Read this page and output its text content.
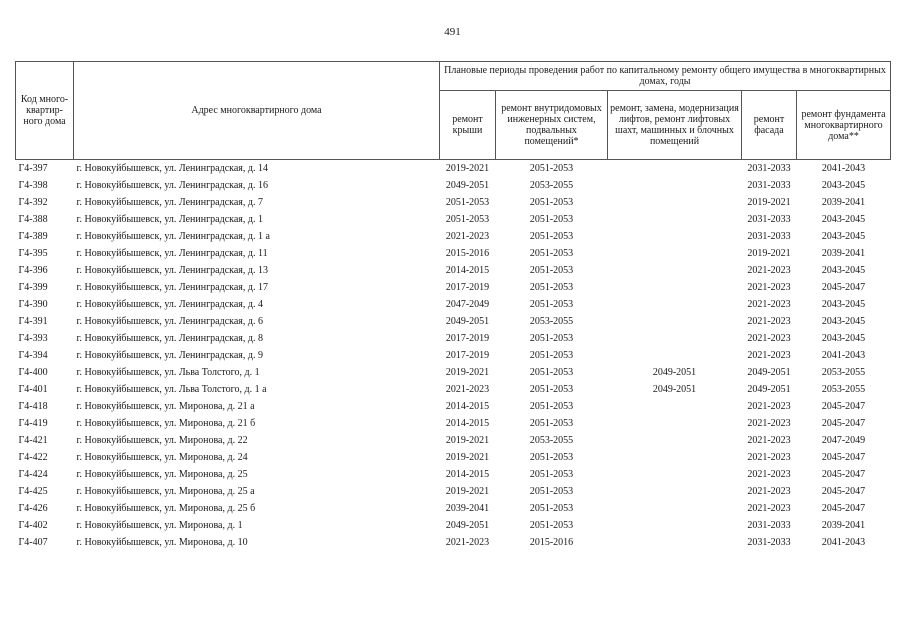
491
Код много-квартир-ного дома	Адрес многоквартирного дома	Плановые периоды проведения работ по капитальному ремонту общего имущества в многоквартирных домах, годы				
		ремонт крыши	ремонт внутридомовых инженерных систем, подвальных помещений*	ремонт, замена, модернизация лифтов, ремонт лифтовых шахт, машинных и блочных помещений	ремонт фасада	ремонт фундамента многоквартирного дома**
Г4-397	г. Новокуйбышевск, ул. Ленинградская, д. 14	2019-2021	2051-2053		2031-2033	2041-2043
Г4-398	г. Новокуйбышевск, ул. Ленинградская, д. 16	2049-2051	2053-2055		2031-2033	2043-2045
Г4-392	г. Новокуйбышевск, ул. Ленинградская, д. 7	2051-2053	2051-2053		2019-2021	2039-2041
Г4-388	г. Новокуйбышевск, ул. Ленинградская, д. 1	2051-2053	2051-2053		2031-2033	2043-2045
Г4-389	г. Новокуйбышевск, ул. Ленинградская, д. 1 а	2021-2023	2051-2053		2031-2033	2043-2045
Г4-395	г. Новокуйбышевск, ул. Ленинградская, д. 11	2015-2016	2051-2053		2019-2021	2039-2041
Г4-396	г. Новокуйбышевск, ул. Ленинградская, д. 13	2014-2015	2051-2053		2021-2023	2043-2045
Г4-399	г. Новокуйбышевск, ул. Ленинградская, д. 17	2017-2019	2051-2053		2021-2023	2045-2047
Г4-390	г. Новокуйбышевск, ул. Ленинградская, д. 4	2047-2049	2051-2053		2021-2023	2043-2045
Г4-391	г. Новокуйбышевск, ул. Ленинградская, д. 6	2049-2051	2053-2055		2021-2023	2043-2045
Г4-393	г. Новокуйбышевск, ул. Ленинградская, д. 8	2017-2019	2051-2053		2021-2023	2043-2045
Г4-394	г. Новокуйбышевск, ул. Ленинградская, д. 9	2017-2019	2051-2053		2021-2023	2041-2043
Г4-400	г. Новокуйбышевск, ул. Льва Толстого, д. 1	2019-2021	2051-2053	2049-2051	2049-2051	2053-2055
Г4-401	г. Новокуйбышевск, ул. Льва Толстого, д. 1 а	2021-2023	2051-2053	2049-2051	2049-2051	2053-2055
Г4-418	г. Новокуйбышевск, ул. Миронова, д. 21 а	2014-2015	2051-2053		2021-2023	2045-2047
Г4-419	г. Новокуйбышевск, ул. Миронова, д. 21 б	2014-2015	2051-2053		2021-2023	2045-2047
Г4-421	г. Новокуйбышевск, ул. Миронова, д. 22	2019-2021	2053-2055		2021-2023	2047-2049
Г4-422	г. Новокуйбышевск, ул. Миронова, д. 24	2019-2021	2051-2053		2021-2023	2045-2047
Г4-424	г. Новокуйбышевск, ул. Миронова, д. 25	2014-2015	2051-2053		2021-2023	2045-2047
Г4-425	г. Новокуйбышевск, ул. Миронова, д. 25 а	2019-2021	2051-2053		2021-2023	2045-2047
Г4-426	г. Новокуйбышевск, ул. Миронова, д. 25 б	2039-2041	2051-2053		2021-2023	2045-2047
Г4-402	г. Новокуйбышевск, ул. Миронова, д. 1	2049-2051	2051-2053		2031-2033	2039-2041
Г4-407	г. Новокуйбышевск, ул. Миронова, д. 10	2021-2023	2015-2016		2031-2033	2041-2043
